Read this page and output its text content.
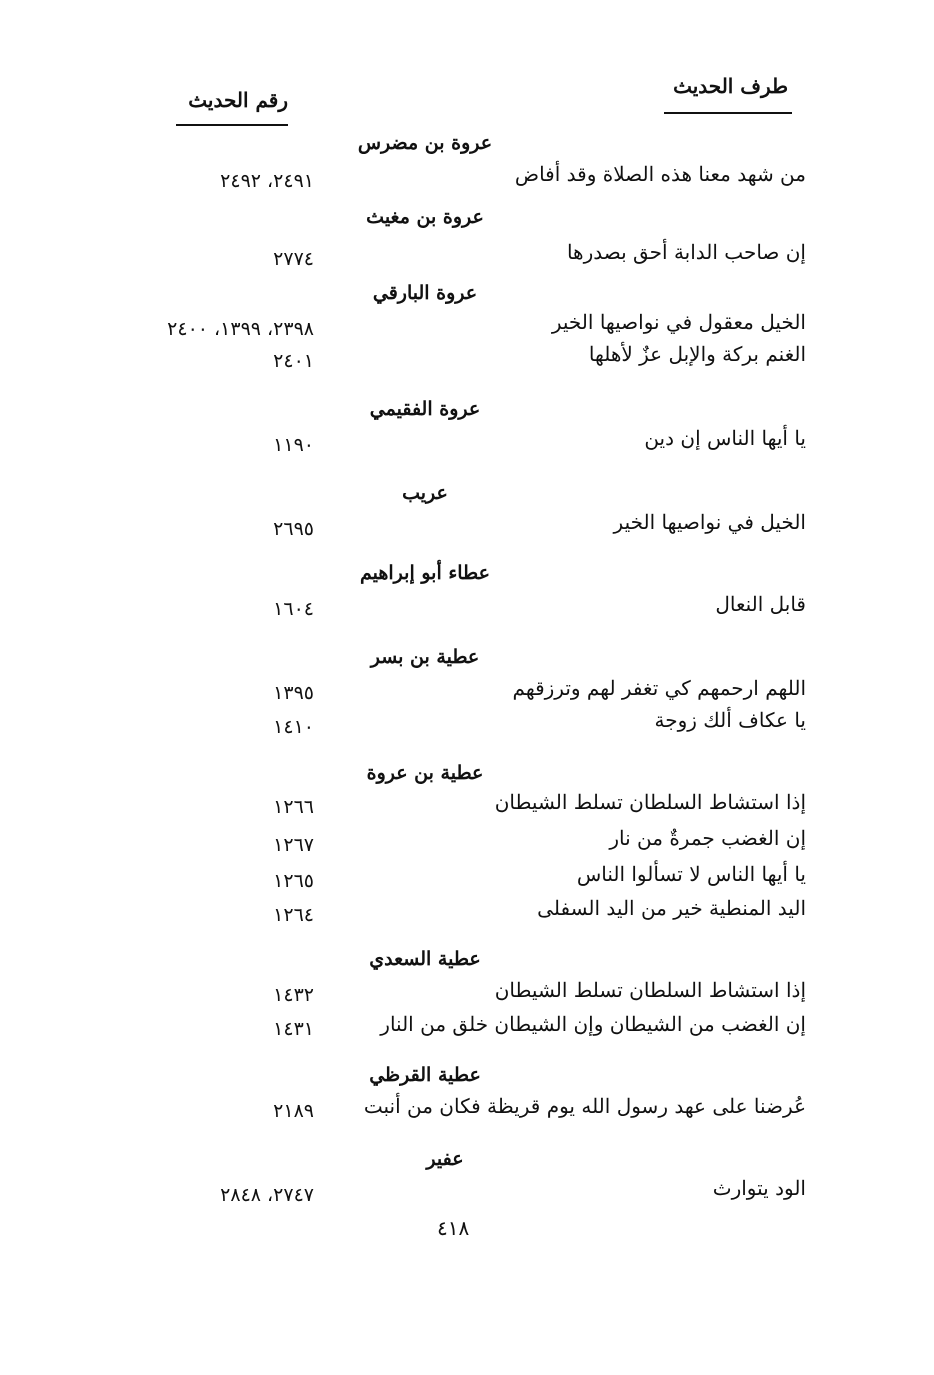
طرف الحديث
رقم الحديث
عروة بن مضرس
من شهد معنا هذه الصلاة وقد أفاض
٢٤٩١، ٢٤٩٢
عروة بن مغيث
إن صاحب الدابة أحق بصدرها
٢٧٧٤
عروة البارقي
الخيل معقول في نواصيها الخير
٢٣٩٨، ١٣٩٩، ٢٤٠٠
الغنم بركة والإبل عزٌ لأهلها
٢٤٠١
عروة الفقيمي
يا أيها الناس إن دين
١١٩٠
عريب
الخيل في نواصيها الخير
٢٦٩٥
عطاء أبو إبراهيم
قابل النعال
١٦٠٤
عطية بن بسر
اللهم ارحمهم كي تغفر لهم وترزقهم
١٣٩٥
يا عكاف ألك زوجة
١٤١٠
عطية بن عروة
إذا استشاط السلطان تسلط الشيطان
١٢٦٦
إن الغضب جمرةٌ من نار
١٢٦٧
يا أيها الناس لا تسألوا الناس
١٢٦٥
اليد المنطية خير من اليد السفلى
١٢٦٤
عطية السعدي
إذا استشاط السلطان تسلط الشيطان
١٤٣٢
إن الغضب من الشيطان وإن الشيطان خلق من النار
١٤٣١
عطية القرظي
عُرضنا على عهد رسول الله يوم قريظة فكان من أنبت
٢١٨٩
عفير
الود يتوارث
٢٧٤٧، ٢٨٤٨
٤١٨
